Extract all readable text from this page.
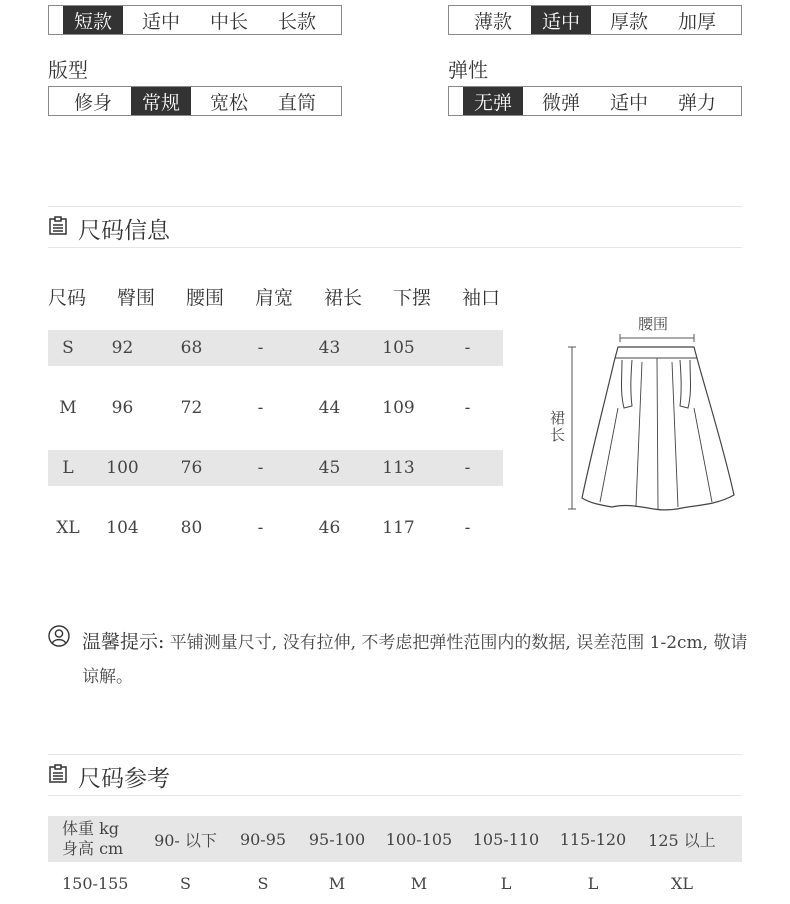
短款	适中	中长	长款	薄款	适中	厚款	加厚
版型	弹性
修身	常规	宽松	直筒	无弹	微弹	适中	弹力
尺码信息
尺码	臀围	腰围	肩宽	裙长	下摆	袖口
S	92	68	-	43	105	-
M	96	72	-	44	109	-
L	100	76	-	45	113	-
XL	104	80	-	46	117	-
腰围
裙长
温馨提示: 平铺测量尺寸, 没有拉伸, 不考虑把弹性范围内的数据, 误差范围 1-2cm, 敬请谅解。
尺码参考
体重 kg
身高 cm	90- 以下	90-95	95-100	100-105	105-110	115-120	125 以上
150-155	S	S	M	M	L	L	XL
